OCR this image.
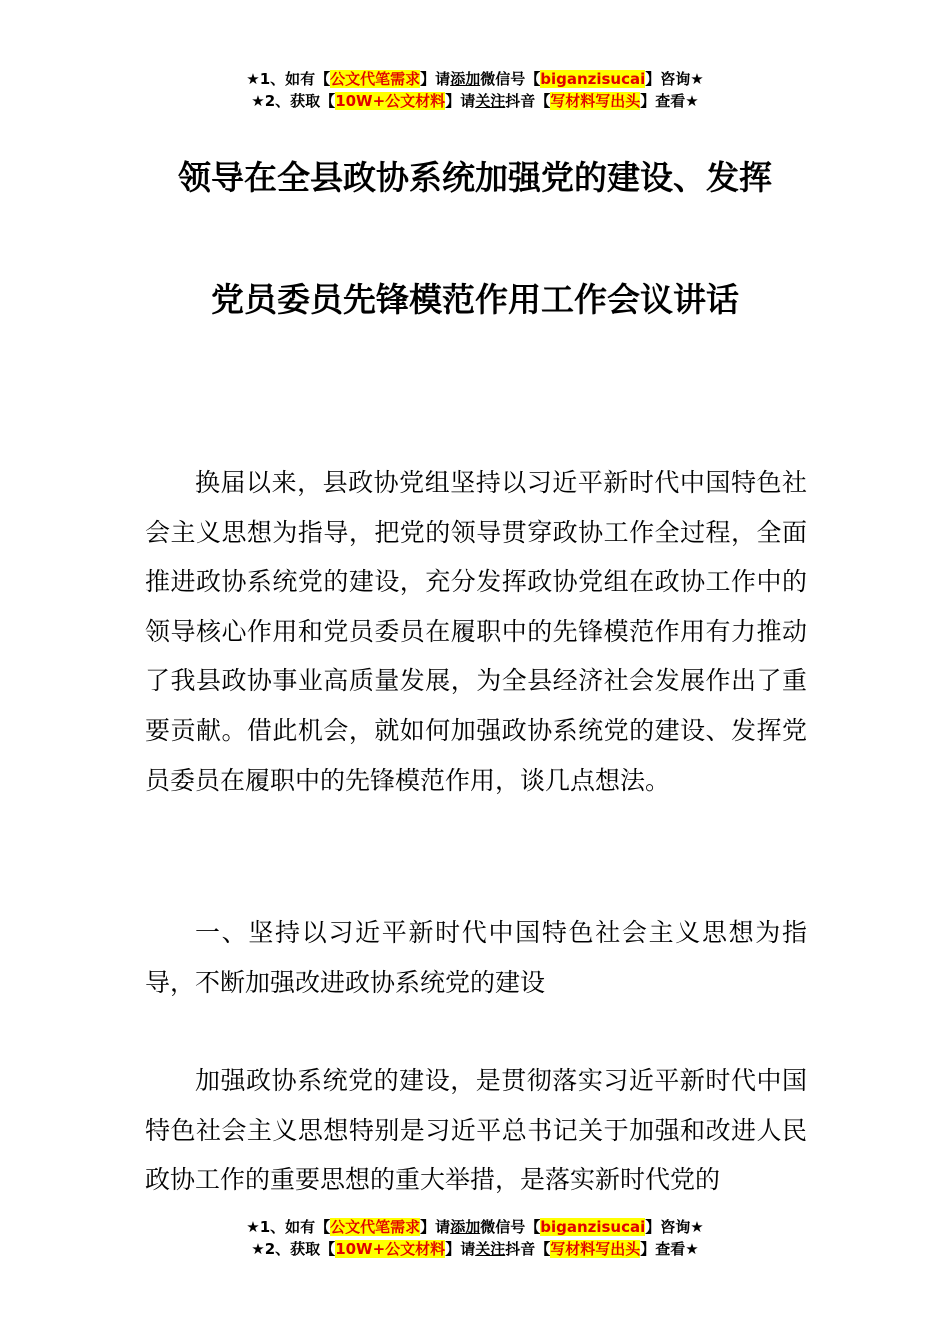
★1、如有【公文代笔需求】请添加微信号【biganzisucai】咨询★
★2、获取【10W+公文材料】请关注抖音【写材料写出头】查看★
领导在全县政协系统加强党的建设、发挥
党员委员先锋模范作用工作会议讲话

换届以来，县政协党组坚持以习近平新时代中国特色社会主义思想为指导，把党的领导贯穿政协工作全过程，全面推进政协系统党的建设，充分发挥政协党组在政协工作中的领导核心作用和党员委员在履职中的先锋模范作用有力推动了我县政协事业高质量发展，为全县经济社会发展作出了重要贡献。借此机会，就如何加强政协系统党的建设、发挥党员委员在履职中的先锋模范作用，谈几点想法。

一、坚持以习近平新时代中国特色社会主义思想为指导，不断加强改进政协系统党的建设

加强政协系统党的建设，是贯彻落实习近平新时代中国特色社会主义思想特别是习近平总书记关于加强和改进人民政协工作的重要思想的重大举措，是落实新时代党的

★1、如有【公文代笔需求】请添加微信号【biganzisucai】咨询★
★2、获取【10W+公文材料】请关注抖音【写材料写出头】查看★
